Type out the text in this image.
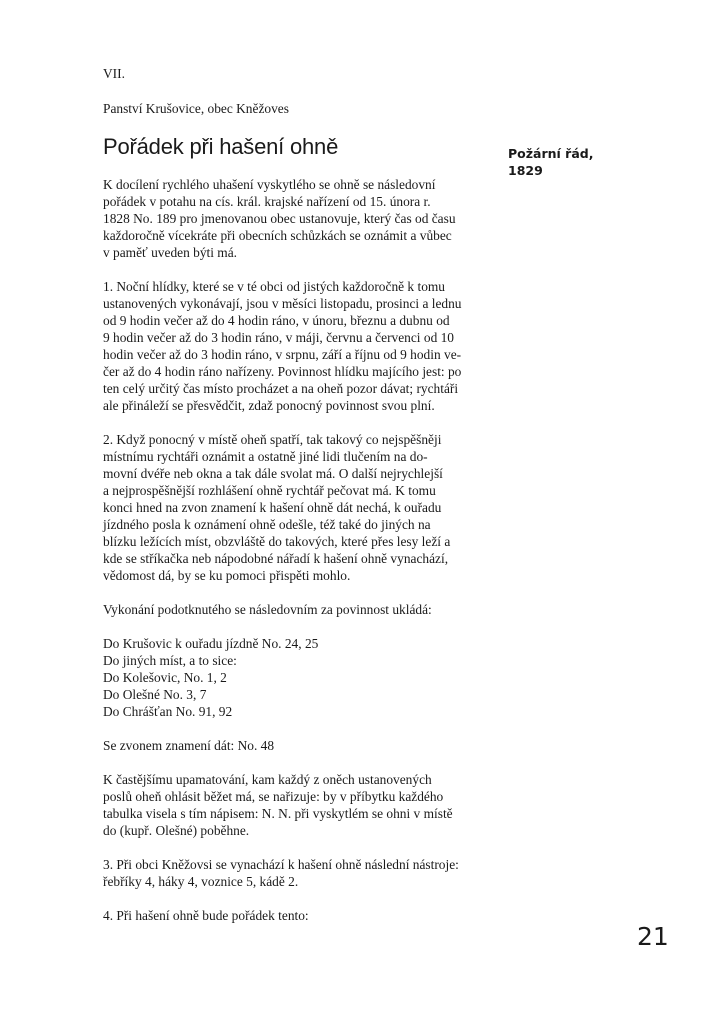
VII.

Panství Krušovice, obec Kněžoves

Pořádek při hašení ohně

K docílení rychlého uhašení vyskytlého se ohně se následovní
pořádek v potahu na cís. král. krajské nařízení od 15. února r.
1828 No. 189 pro jmenovanou obec ustanovuje, který čas od času
každoročně vícekráte při obecních schůzkách se oznámit a vůbec
v paměť uveden býti má.

1. Noční hlídky, které se v té obci od jistých každoročně k tomu
ustanovených vykonávají, jsou v měsíci listopadu, prosinci a lednu
od 9 hodin večer až do 4 hodin ráno, v únoru, březnu a dubnu od
9 hodin večer až do 3 hodin ráno, v máji, červnu a červenci od 10
hodin večer až do 3 hodin ráno, v srpnu, září a říjnu od 9 hodin ve-
čer až do 4 hodin ráno nařízeny. Povinnost hlídku majícího jest: po
ten celý určitý čas místo procházet a na oheň pozor dávat; rychtáři
ale přináleží se přesvědčit, zdaž ponocný povinnost svou plní.

2. Když ponocný v místě oheň spatří, tak takový co nejspěšněji
místnímu rychtáři oznámit a ostatně jiné lidi tlučením na do-
movní dvéře neb okna a tak dále svolat má. O další nejrychlejší
a nejprospěšnější rozhlášení ohně rychtář pečovat má. K tomu
konci hned na zvon znamení k hašení ohně dát nechá, k ouřadu
jízdného posla k oznámení ohně odešle, též také do jiných na
blízku ležících míst, obzvláště do takových, které přes lesy leží a
kde se stříkačka neb nápodobné nářadí k hašení ohně vynachází,
vědomost dá, by se ku pomoci přispěti mohlo.

Vykonání podotknutého se následovním za povinnost ukládá:

Do Krušovic k ouřadu jízdně No. 24, 25
Do jiných míst, a to sice:
Do Kolešovic, No. 1, 2
Do Olešné No. 3, 7
Do Chrášťan No. 91, 92

Se zvonem znamení dát: No. 48

K častějšímu upamatování, kam každý z oněch ustanovených
poslů oheň ohlásit běžet má, se nařizuje: by v příbytku každého
tabulka visela s tím nápisem: N. N. při vyskytlém se ohni v místě
do (kupř. Olešné) poběhne.

3. Při obci Kněžovsi se vynachází k hašení ohně následní nástroje:
řebříky 4, háky 4, voznice 5, kádě 2.

4. Při hašení ohně bude pořádek tento:

Požární řád,
1829
21
